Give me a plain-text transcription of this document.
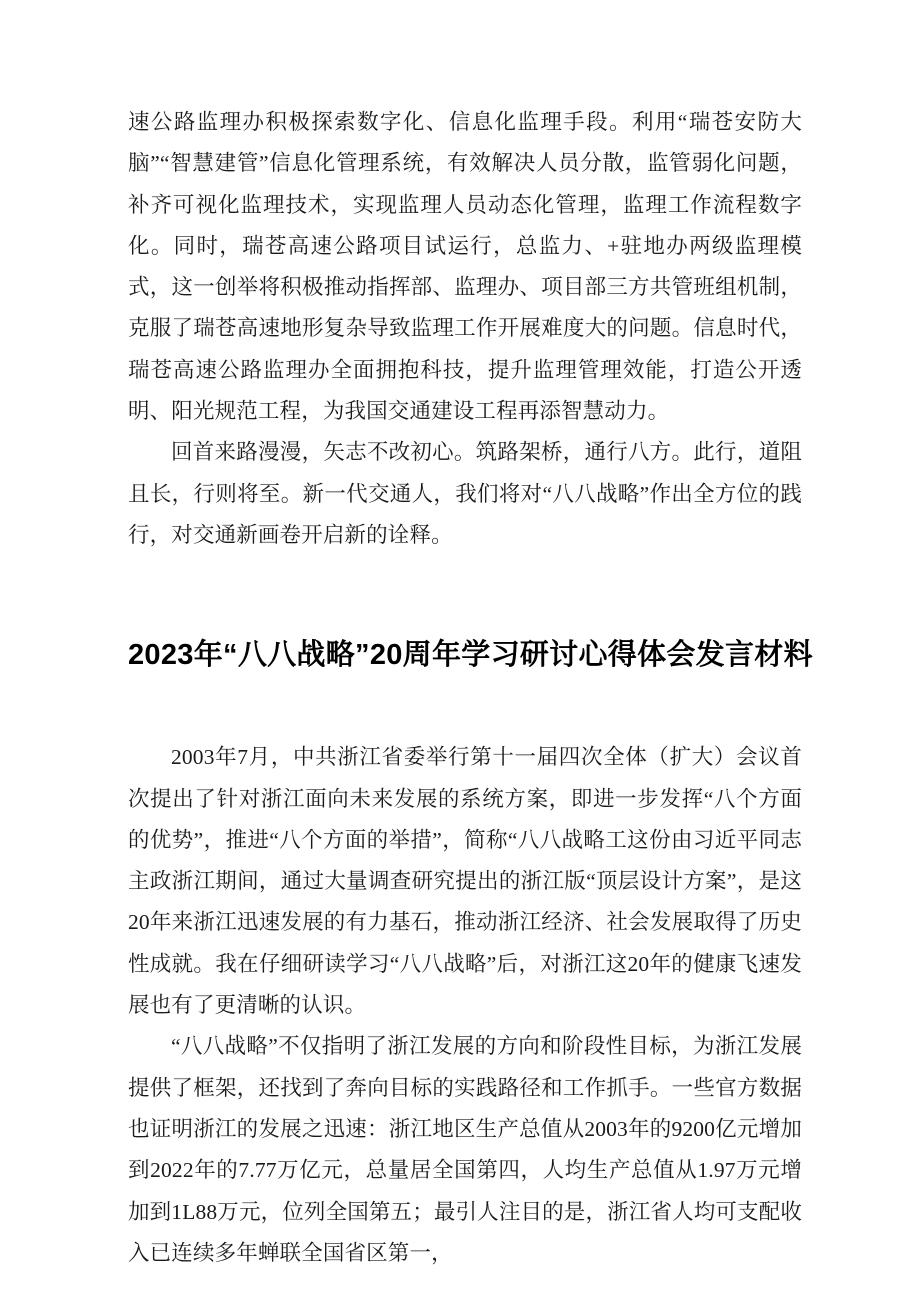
速公路监理办积极探索数字化、信息化监理手段。利用“瑞苍安防大脑”“智慧建管”信息化管理系统，有效解决人员分散，监管弱化问题，补齐可视化监理技术，实现监理人员动态化管理，监理工作流程数字化。同时，瑞苍高速公路项目试运行，总监力、+驻地办两级监理模式，这一创举将积极推动指挥部、监理办、项目部三方共管班组机制，克服了瑞苍高速地形复杂导致监理工作开展难度大的问题。信息时代，瑞苍高速公路监理办全面拥抱科技，提升监理管理效能，打造公开透明、阳光规范工程，为我国交通建设工程再添智慧动力。

回首来路漫漫，矢志不改初心。筑路架桥，通行八方。此行，道阻且长，行则将至。新一代交通人，我们将对“八八战略”作出全方位的践行，对交通新画卷开启新的诠释。

2023年“八八战略”20周年学习研讨心得体会发言材料

2003年7月，中共浙江省委举行第十一届四次全体（扩大）会议首次提出了针对浙江面向未来发展的系统方案，即进一步发挥“八个方面的优势”，推进“八个方面的举措”，简称“八八战略工这份由习近平同志主政浙江期间，通过大量调查研究提出的浙江版“顶层设计方案”，是这20年来浙江迅速发展的有力基石，推动浙江经济、社会发展取得了历史性成就。我在仔细研读学习“八八战略”后，对浙江这20年的健康飞速发展也有了更清晰的认识。

“八八战略”不仅指明了浙江发展的方向和阶段性目标，为浙江发展提供了框架，还找到了奔向目标的实践路径和工作抓手。一些官方数据也证明浙江的发展之迅速：浙江地区生产总值从2003年的9200亿元增加到2022年的7.77万亿元，总量居全国第四，人均生产总值从1.97万元增加到1L88万元，位列全国第五；最引人注目的是，浙江省人均可支配收入已连续多年蝉联全国省区第一，
